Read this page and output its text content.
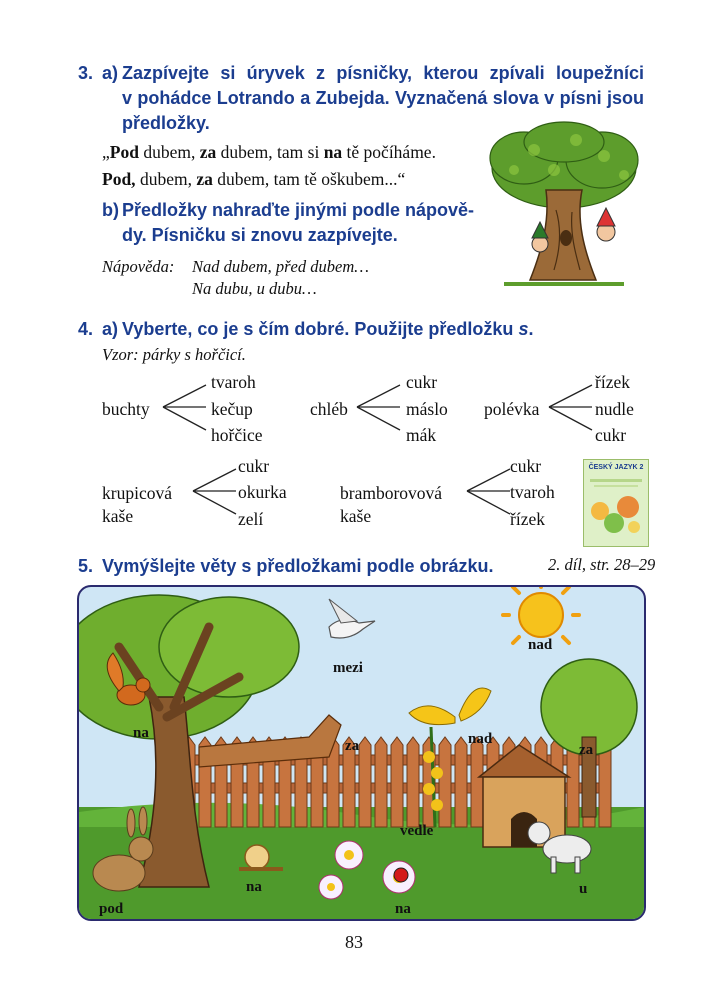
3. a) Zazpívejte si úryvek z písničky, kterou zpívali loupežníci
v pohádce Lotrando a Zubejda. Vyznačená slova v písni jsou
předložky.
„Pod dubem, za dubem, tam si na tě počíháme.
Pod, dubem, za dubem, tam tě oškubem...“
b) Předložky nahraďte jinými podle nápově-
dy. Písničku si znovu zazpívejte.
Nápověda: Nad dubem, před dubem…
Na dubu, u dubu…
4. a) Vyberte, co je s čím dobré. Použijte předložku s.
Vzor: párky s hořčicí.
buchty
tvaroh
kečup
hořčice
chléb
cukr
máslo
mák
polévka
řízek
nudle
cukr
krupicová
kaše
cukr
okurka
zelí
bramborovová
kaše
cukr
tvaroh
řízek
ČESKÝ JAZYK 2
5. Vymýšlejte věty s předložkami podle obrázku.	2. díl, str. 28–29
mezi
nad
na
za	nad
za
vedle
pod
na
na
u
83
